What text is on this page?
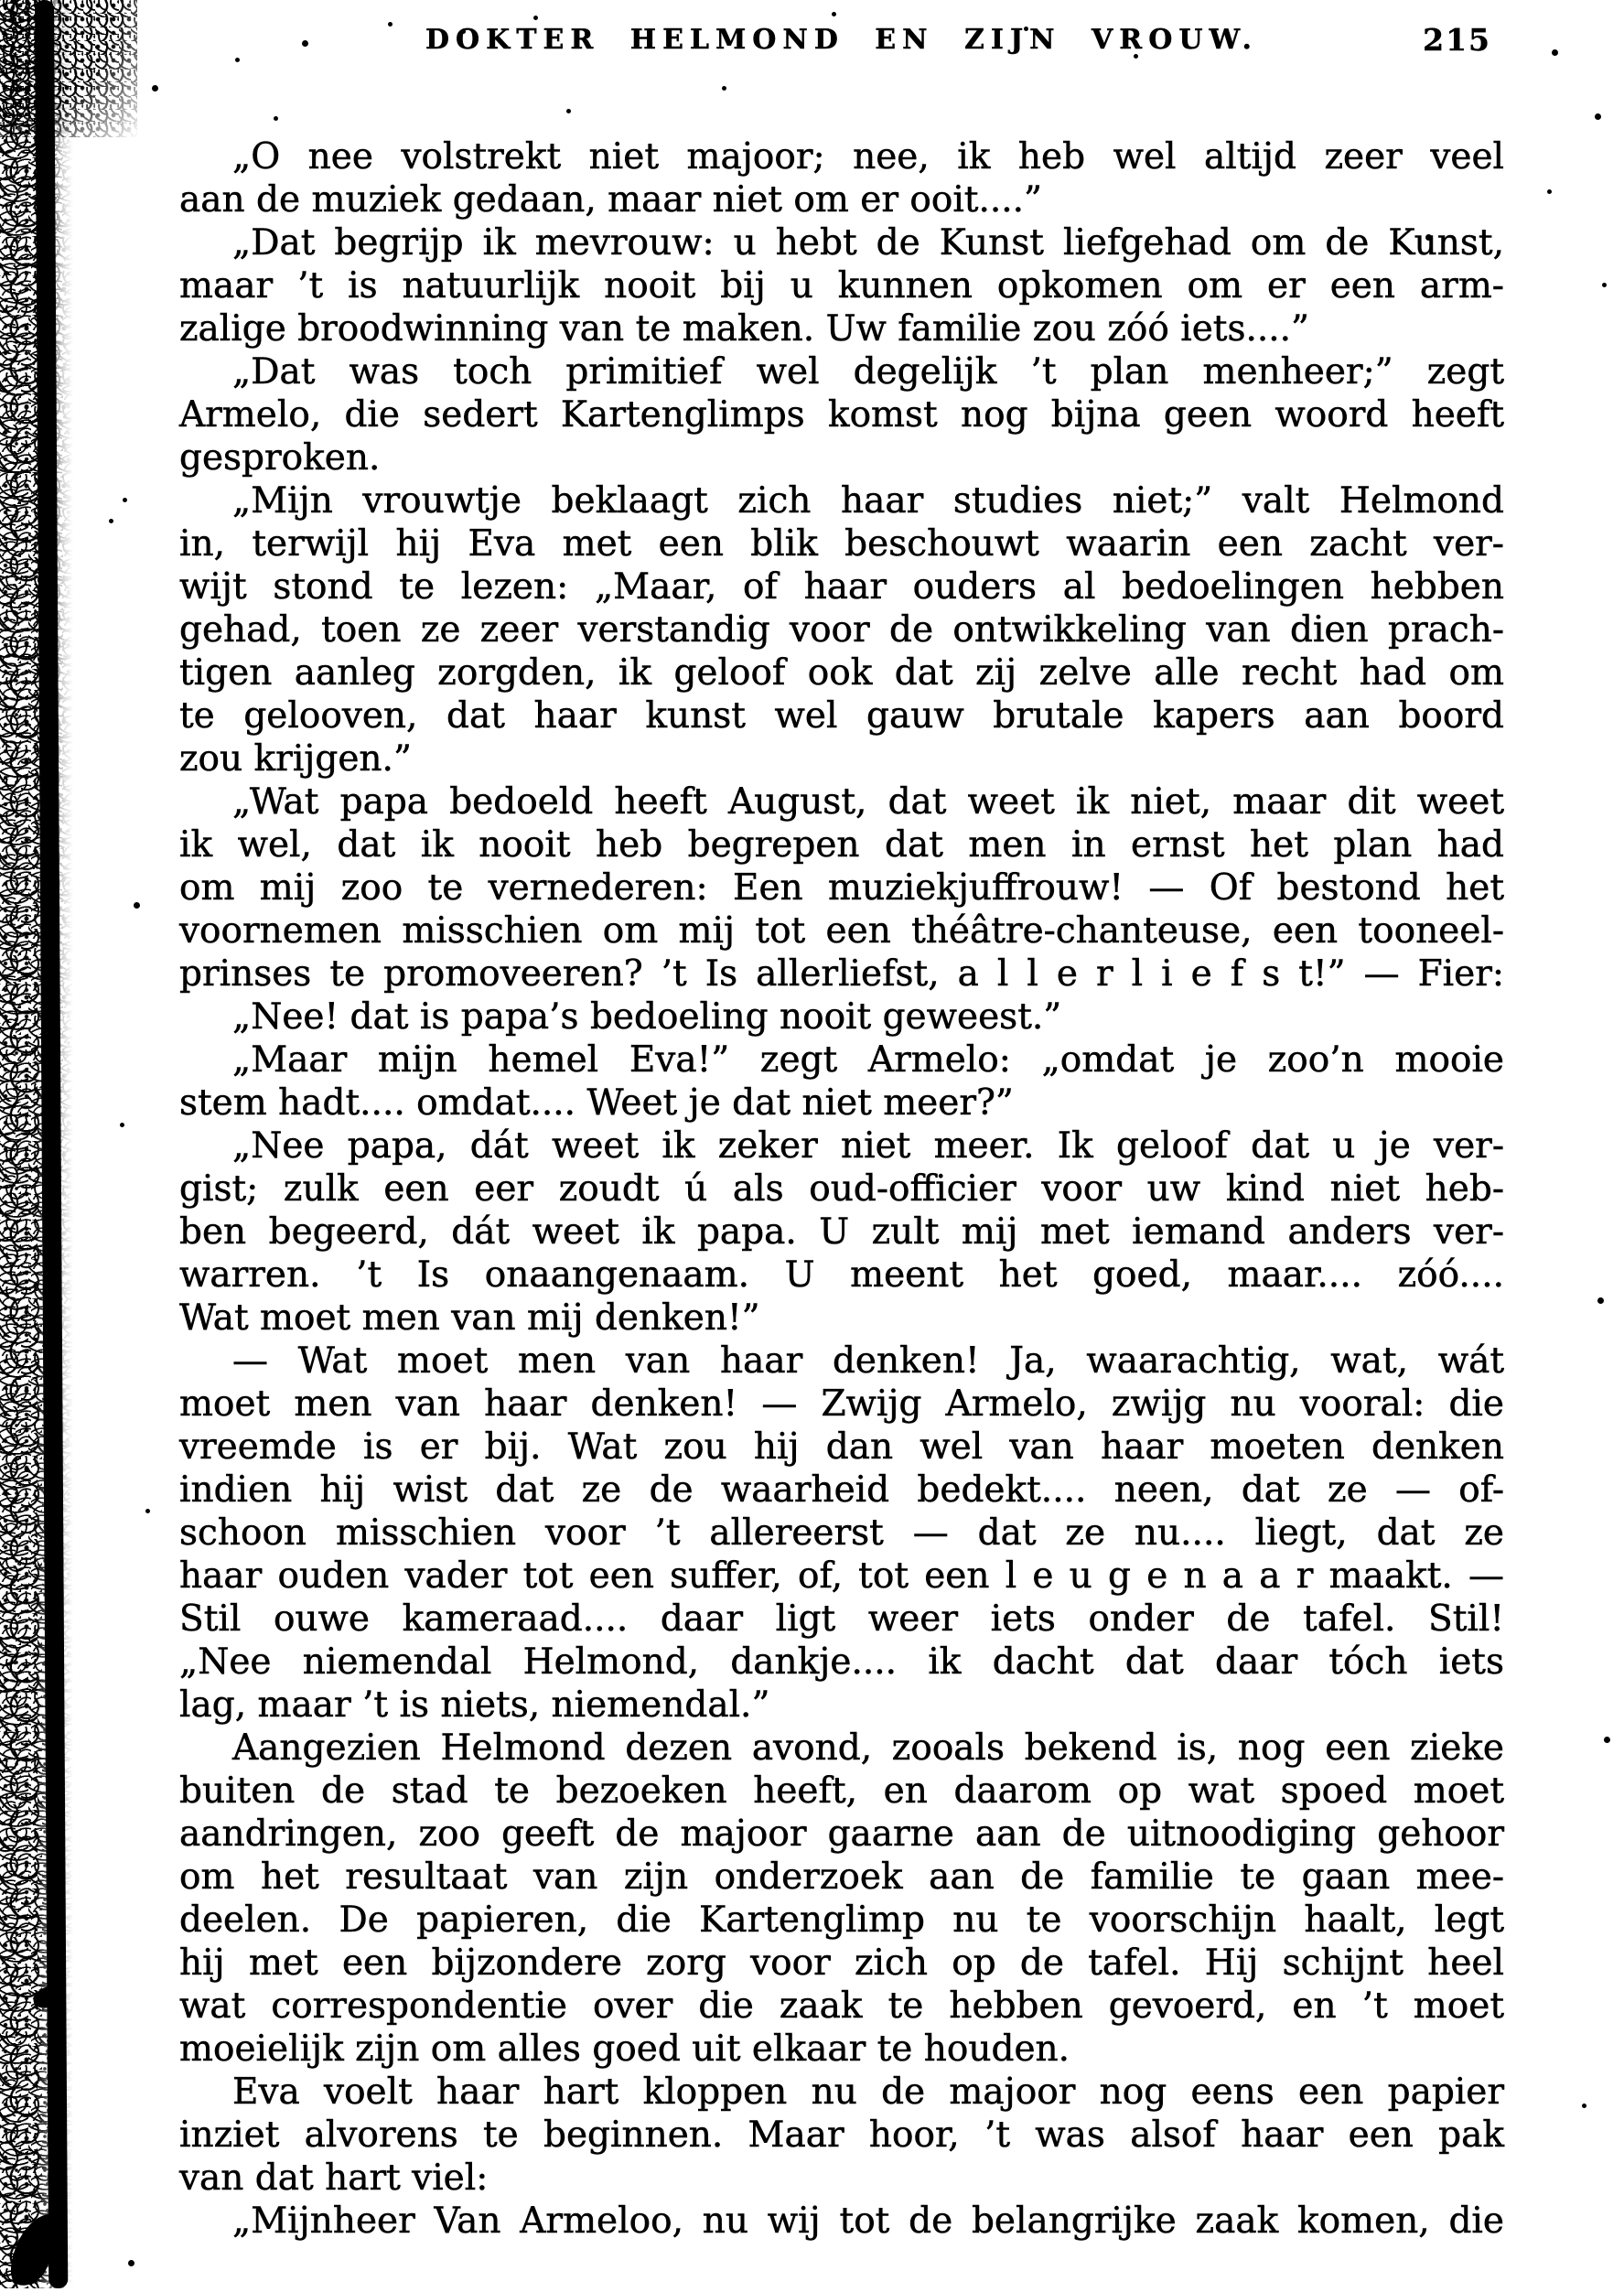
DOKTER HELMOND EN ZIJN VROUW.	215
„O nee volstrekt niet majoor; nee, ik heb wel altijd zeer veel
aan de muziek gedaan, maar niet om er ooit....”
„Dat begrijp ik mevrouw: u hebt de Kunst liefgehad om de Kunst,
maar ’t is natuurlijk nooit bij u kunnen opkomen om er een arm-
zalige broodwinning van te maken. Uw familie zou zóó iets....”
„Dat was toch primitief wel degelijk ’t plan menheer;” zegt
Armelo, die sedert Kartenglimps komst nog bijna geen woord heeft
gesproken.
„Mijn vrouwtje beklaagt zich haar studies niet;” valt Helmond
in, terwijl hij Eva met een blik beschouwt waarin een zacht ver-
wijt stond te lezen: „Maar, of haar ouders al bedoelingen hebben
gehad, toen ze zeer verstandig voor de ontwikkeling van dien prach-
tigen aanleg zorgden, ik geloof ook dat zij zelve alle recht had om
te gelooven, dat haar kunst wel gauw brutale kapers aan boord
zou krijgen.”
„Wat papa bedoeld heeft August, dat weet ik niet, maar dit weet
ik wel, dat ik nooit heb begrepen dat men in ernst het plan had
om mij zoo te vernederen: Een muziekjuffrouw! — Of bestond het
voornemen misschien om mij tot een théâtre-chanteuse, een tooneel-
prinses te promoveeren? ’t Is allerliefst, a l l e r l i e f s t!” — Fier:
„Nee! dat is papa’s bedoeling nooit geweest.”
„Maar mijn hemel Eva!” zegt Armelo: „omdat je zoo’n mooie
stem hadt.... omdat.... Weet je dat niet meer?”
„Nee papa, dát weet ik zeker niet meer. Ik geloof dat u je ver-
gist; zulk een eer zoudt ú als oud-officier voor uw kind niet heb-
ben begeerd, dát weet ik papa. U zult mij met iemand anders ver-
warren. ’t Is onaangenaam. U meent het goed, maar.... zóó....
Wat moet men van mij denken!”
— Wat moet men van haar denken! Ja, waarachtig, wat, wát
moet men van haar denken! — Zwijg Armelo, zwijg nu vooral: die
vreemde is er bij. Wat zou hij dan wel van haar moeten denken
indien hij wist dat ze de waarheid bedekt.... neen, dat ze — of-
schoon misschien voor ’t allereerst — dat ze nu.... liegt, dat ze
haar ouden vader tot een suffer, of, tot een l e u g e n a a r maakt. —
Stil ouwe kameraad.... daar ligt weer iets onder de tafel. Stil!
„Nee niemendal Helmond, dankje.... ik dacht dat daar tóch iets
lag, maar ’t is niets, niemendal.”
Aangezien Helmond dezen avond, zooals bekend is, nog een zieke
buiten de stad te bezoeken heeft, en daarom op wat spoed moet
aandringen, zoo geeft de majoor gaarne aan de uitnoodiging gehoor
om het resultaat van zijn onderzoek aan de familie te gaan mee-
deelen. De papieren, die Kartenglimp nu te voorschijn haalt, legt
hij met een bijzondere zorg voor zich op de tafel. Hij schijnt heel
wat correspondentie over die zaak te hebben gevoerd, en ’t moet
moeielijk zijn om alles goed uit elkaar te houden.
Eva voelt haar hart kloppen nu de majoor nog eens een papier
inziet alvorens te beginnen. Maar hoor, ’t was alsof haar een pak
van dat hart viel:
„Mijnheer Van Armeloo, nu wij tot de belangrijke zaak komen, die
